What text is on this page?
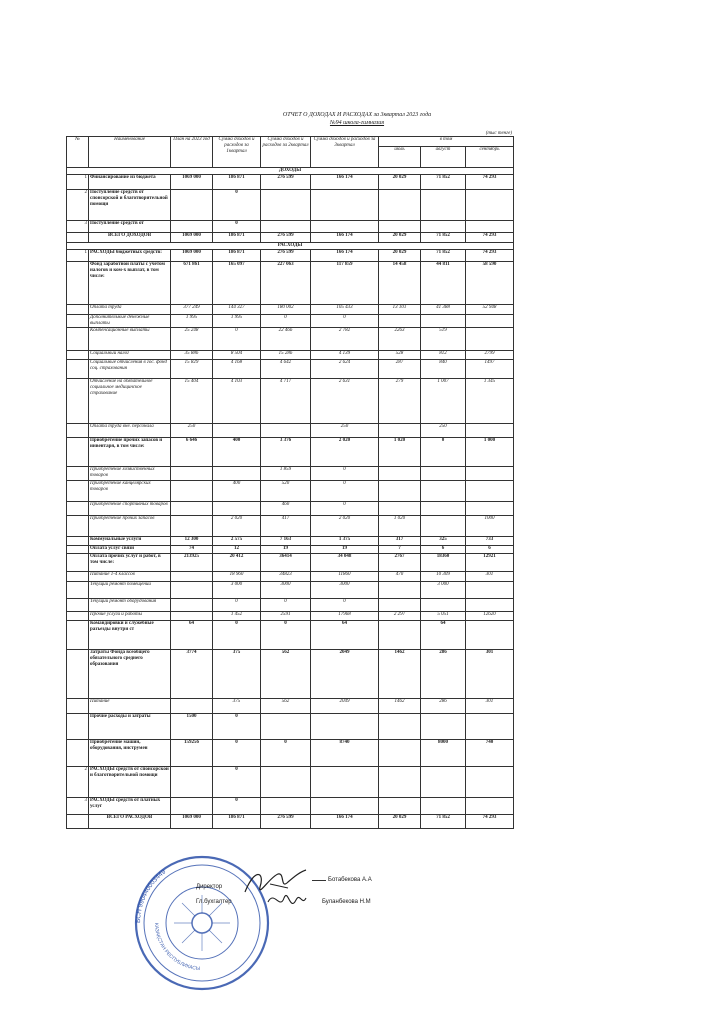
ОТЧЕТ О ДОХОДАХ И РАСХОДАХ за 3квартал 2023 года
№94 школа-гимназия
(тыс тенге)
№	Наименование	План на 2023 год	Сумма доходов и расходов за 1квартал	Сумма доходов и расходов за 2квартал	Сумма доходов и расходов за 3квартал	в том
июль	август	сентябрь
ДОХОДЫ
1	Финансирование из бюджета	1069 000	186 871	276 599	166 174	20 029	71 852	74 293
2	Поступление средств от спонсорской и благотворительной помощи		0					
3	Поступление средств от		0					
	ВСЕГО ДОХОДОВ	1069 000	186 871	276 599	166 174	20 029	71 852	74 293
РАСХОДЫ
1	РАСХОДЫ бюджетных средств:	1069 000	186 871	276 599	166 174	20 029	71 852	74 293
	Фонд заработной платы с учетом налогов и ком-х выплат, в том числе:	671 861	165 097	227 063	117 859	14 458	44 811	58 590
	Оплата труда	377 249	144 327	180 002	105 433	13 101	41 388	52 948
	Дополнительные денежные выплаты	1 995	1 995	0	0			
	Компенсационные выплаты	25 248	0	22 466	2 782	2263	519	
	Социальный налог	35 886	8 504	15 286	4 139	528	812	2799
	Социальные отчисления в гос. фонд соц. страхования	15 829	4 168	4 642	2 624	287	840	1497
	Отчисление на обязательное социальное медицинское страхование	15 404	4 103	4 717	2 631	279	1 007	1 345
	Оплата труда вне. персонала	250			250		250	
	Приобретение прочих запасов и инвентаря, в том числе:	6 646	400	3 376	2 020	1 020	0	1 000
	Приобретение хозяйственных товаров			1 859	0			
	Приобретение канцелярских товаров		400	520	0			
	Приобретение спортивных товаров			460	0			
	Приобретение прочих запасов		2 020	417	2 020	1 020		1000
	Коммунальные услуги	12 300	2 575	7 163	1 375	317	325	733
	Оплата услуг связи	74	12	19	19	7	6	6
	Оплата прочих услуг и работ, в том числе:	213925	20 412	36414	34 048	2767	18360	12921
	Питание 1-4 классов		18 960	34823	11860	470	10 309	301
	Текущий ремонт помещений		3 000	3000	3000		3 000	
	Текущий ремонт оборудования		0	0	0			
	Прочие услуги и работы		1 452	2591	17968	2 297	5 051	12620
	Командировки и служебные разъезды внутри ст	64	0	0	64		64	
	Затраты Фонда всеобщего обязательного среднего образования	3774	375	562	2049	1462	286	301
	Питание		375	562	2049	1462	286	301
	Прочие расходы и затраты	1500	0					
	Приобретение машин, оборудования, инструмен	159256	0	0	8740		8000	740
2	РАСХОДЫ средств от спонсорской и благотворительной помощи		0					
3	РАСХОДЫ средств от платных услуг		0					
	ВСЕГО РАСХОДОВ	1069 000	186 871	276 599	166 174	20 029	71 852	74 293
БСН 990440003449
КАЗАҚСТАН РЕСПУБЛИКАСЫ
Директор
Гл.бухгалтер
Ботабекова А.А
Буланбекова Н.М
